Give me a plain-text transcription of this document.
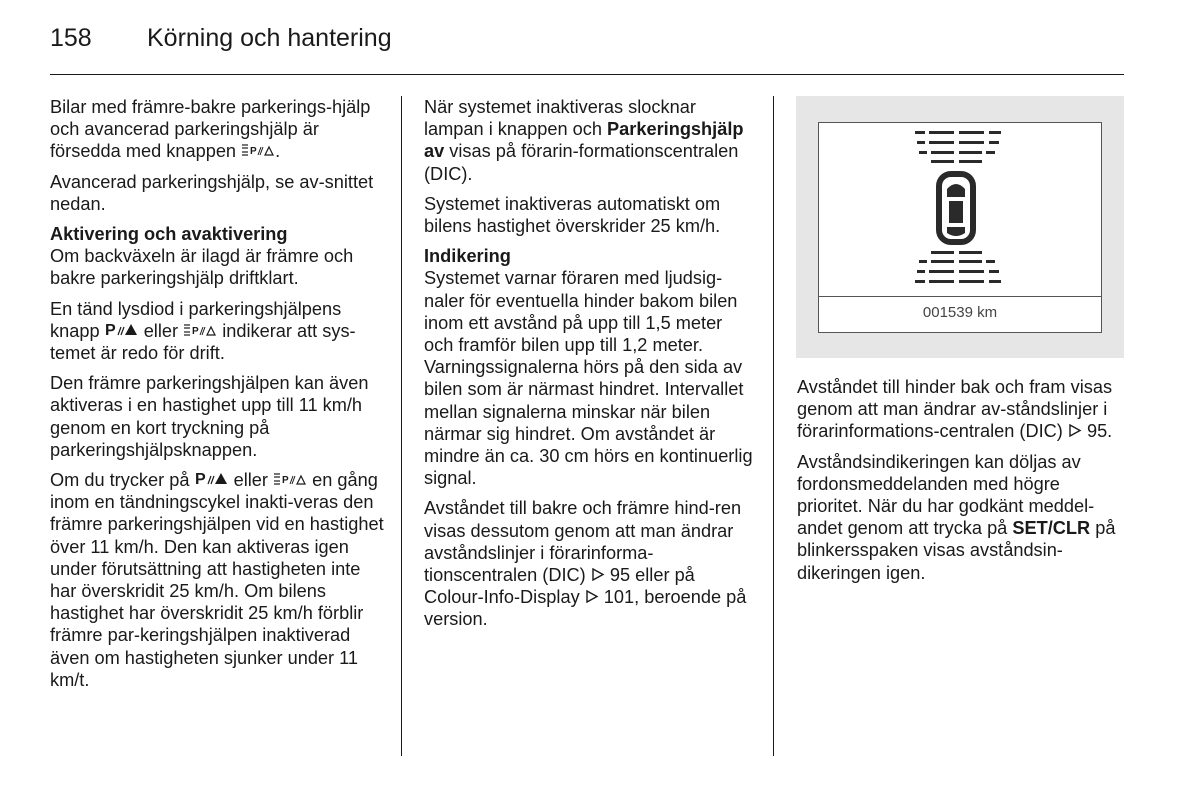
158 Körning och hantering

Bilar med främre-bakre parkerings-hjälp och avancerad parkeringshjälp är försedda med knappen P .

Avancerad parkeringshjälp, se av-snittet nedan.

Aktivering och avaktivering

Om backväxeln är ilagd är främre och bakre parkeringshjälp driftklart.

En tänd lysdiod i parkeringshjälpens knapp P eller P indikerar att sys-temet är redo för drift.

Den främre parkeringshjälpen kan även aktiveras i en hastighet upp till 11 km/h genom en kort tryckning på parkeringshjälpsknappen.

Om du trycker på P eller P en gång inom en tändningscykel inakti-veras den främre parkeringshjälpen vid en hastighet över 11 km/h. Den kan aktiveras igen under förutsättning att hastigheten inte har överskridit 25 km/h. Om bilens hastighet har överskridit 25 km/h förblir främre par-keringshjälpen inaktiverad även om hastigheten sjunker under 11 km/t.

När systemet inaktiveras slocknar lampan i knappen och Parkeringshjälp av visas på förarin-formationscentralen (DIC).

Systemet inaktiveras automatiskt om bilens hastighet överskrider 25 km/h.

Indikering

Systemet varnar föraren med ljudsig-naler för eventuella hinder bakom bilen inom ett avstånd på upp till 1,5 meter och framför bilen upp till 1,2 meter. Varningssignalerna hörs på den sida av bilen som är närmast hindret. Intervallet mellan signalerna minskar när bilen närmar sig hindret. Om avståndet är mindre än ca. 30 cm hörs en kontinuerlig signal.

Avståndet till bakre och främre hind-ren visas dessutom genom att man ändrar avståndslinjer i förarinforma-tionscentralen (DIC) 95 eller på Colour-Info-Display 101, beroende på version.

001539 km

Avståndet till hinder bak och fram visas genom att man ändrar av-ståndslinjer i förarinformations-centralen (DIC) 95.

Avståndsindikeringen kan döljas av fordonsmeddelanden med högre prioritet. När du har godkänt meddel-andet genom att trycka på SET/CLR på blinkersspaken visas avståndsin-dikeringen igen.
